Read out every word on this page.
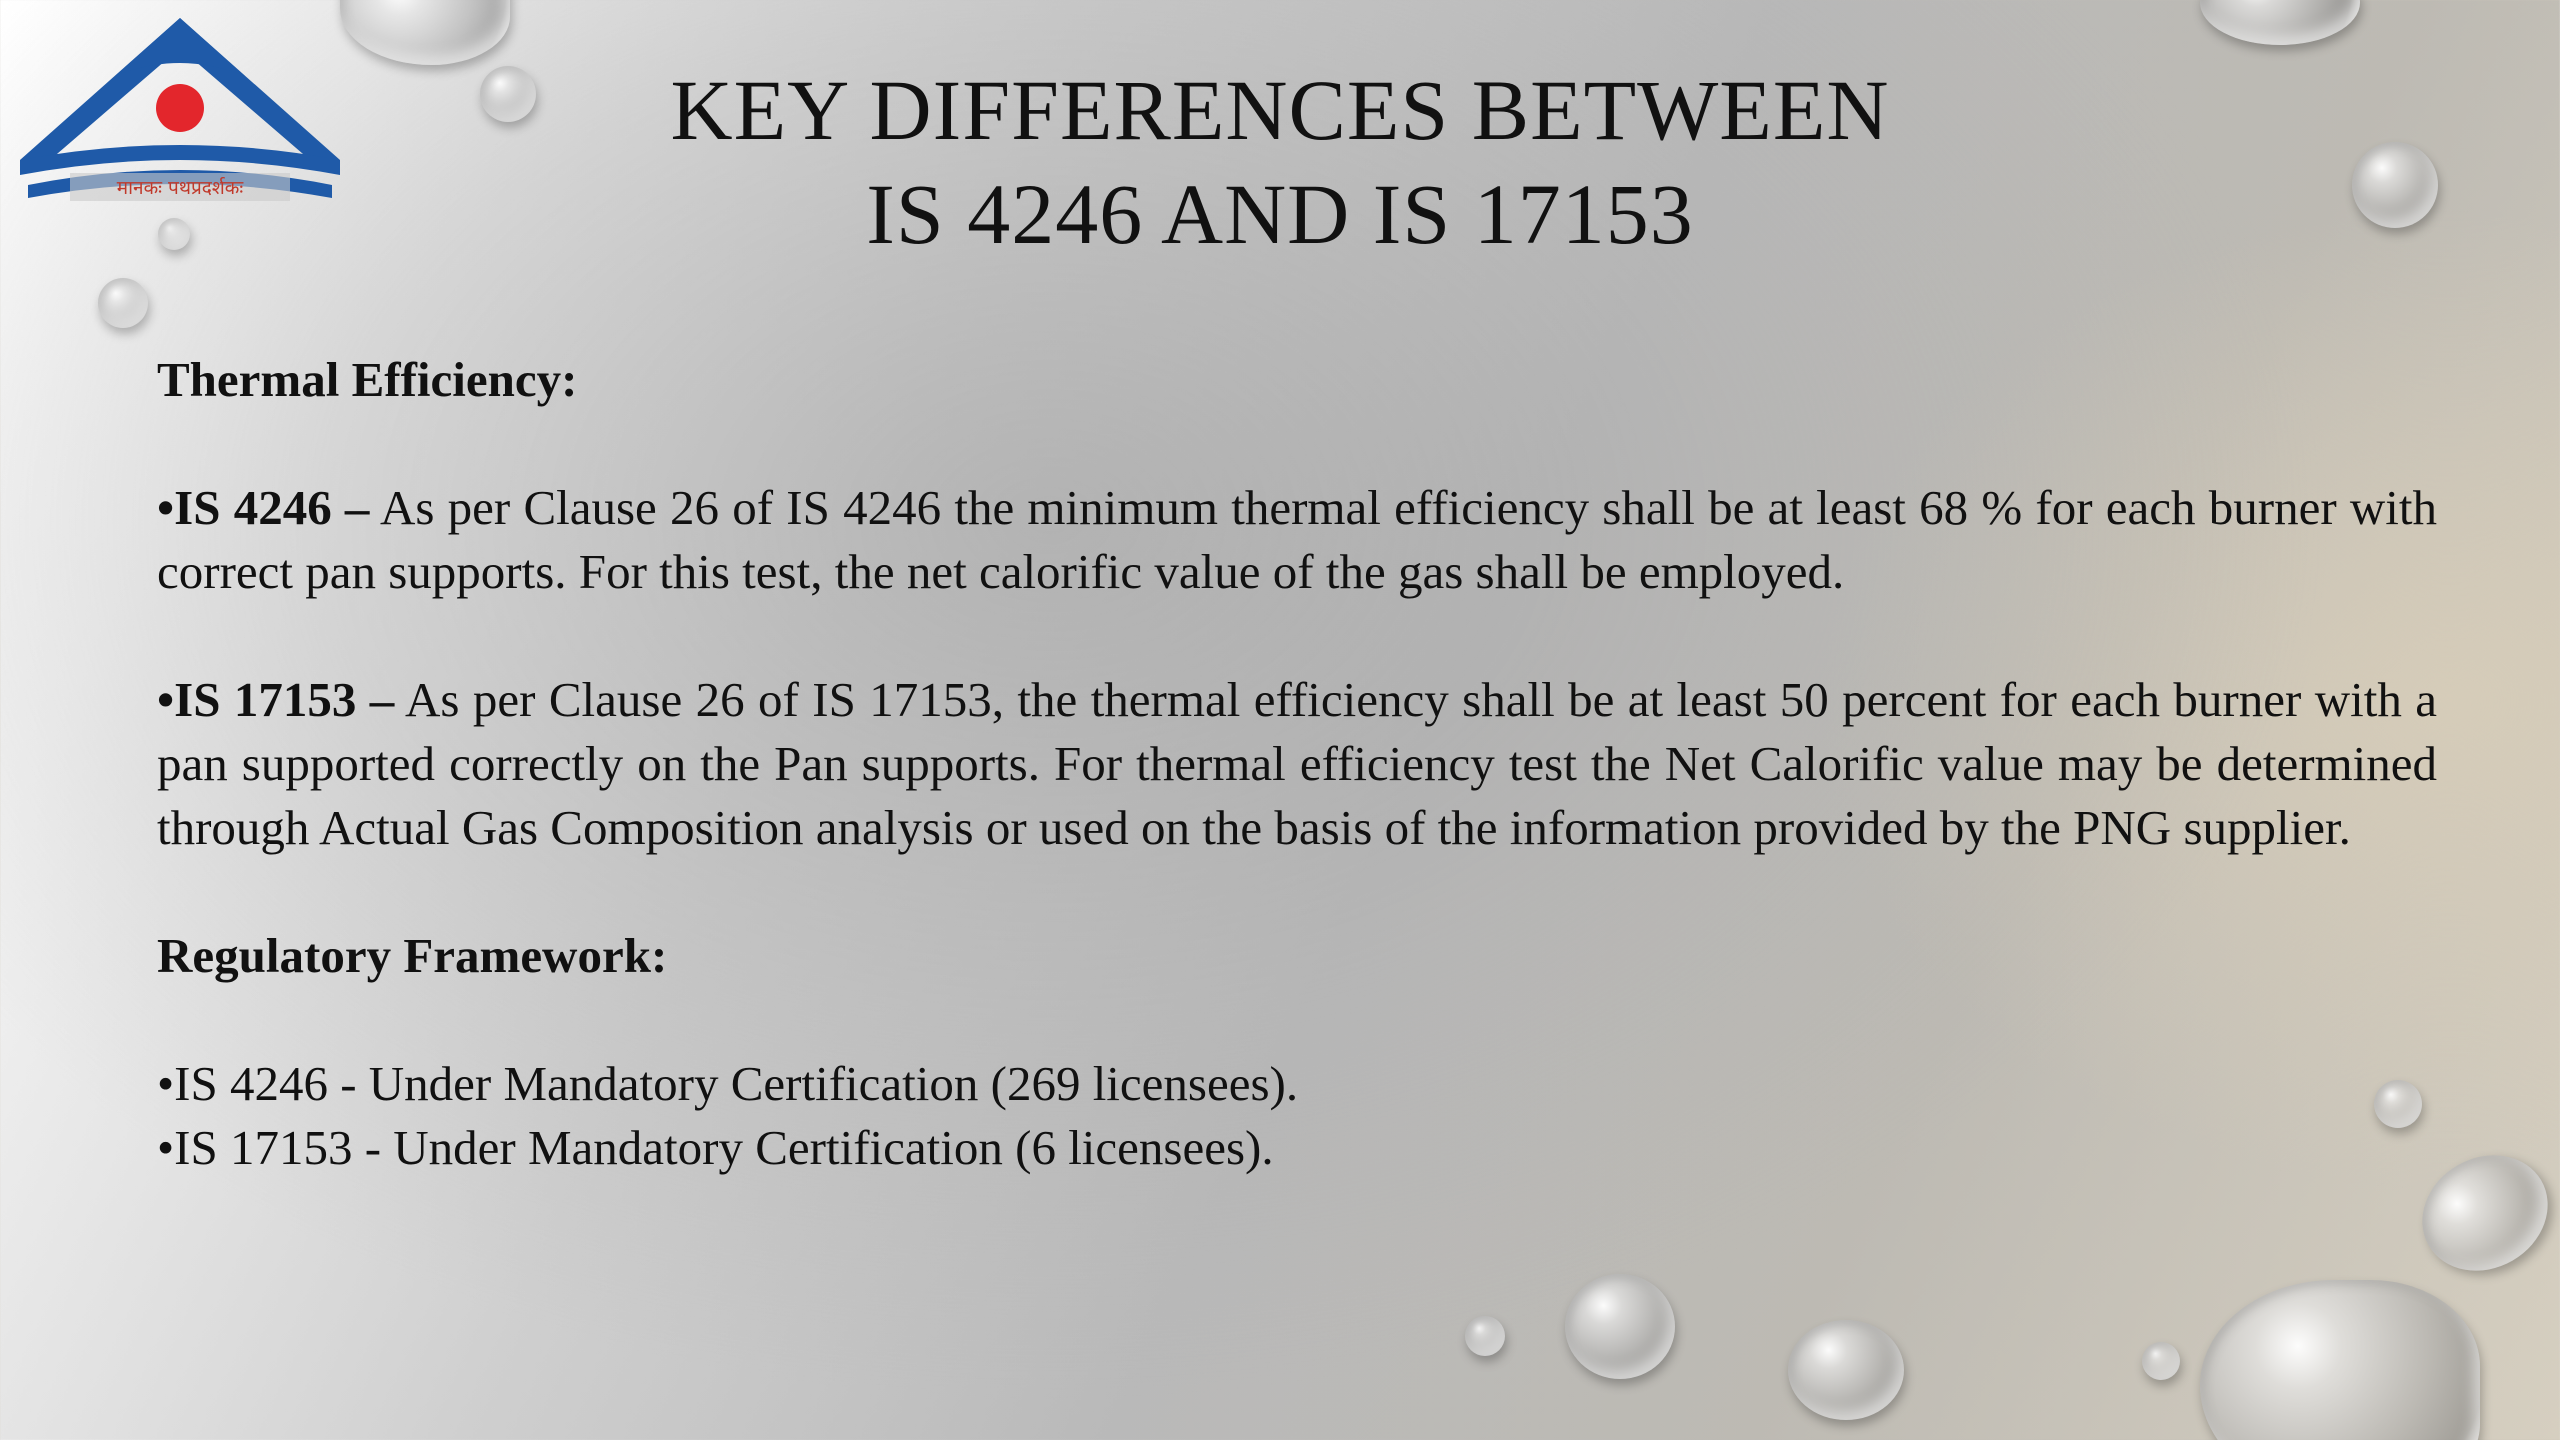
मानकः पथप्रदर्शकः
KEY DIFFERENCES BETWEEN
IS 4246 AND IS 17153

Thermal Efficiency:

•IS 4246 – As per Clause 26 of IS 4246 the minimum thermal efficiency shall be at least 68 % for each burner with correct pan supports. For this test, the net calorific value of the gas shall be employed.

•IS 17153 – As per Clause 26 of IS 17153, the thermal efficiency shall be at least 50 percent for each burner with a pan supported correctly on the Pan supports. For thermal efficiency test the Net Calorific value may be determined through Actual Gas Composition analysis or used on the basis of the information provided by the PNG supplier.

Regulatory Framework:

•IS 4246 - Under Mandatory Certification (269 licensees).

•IS 17153 - Under Mandatory Certification (6 licensees).
